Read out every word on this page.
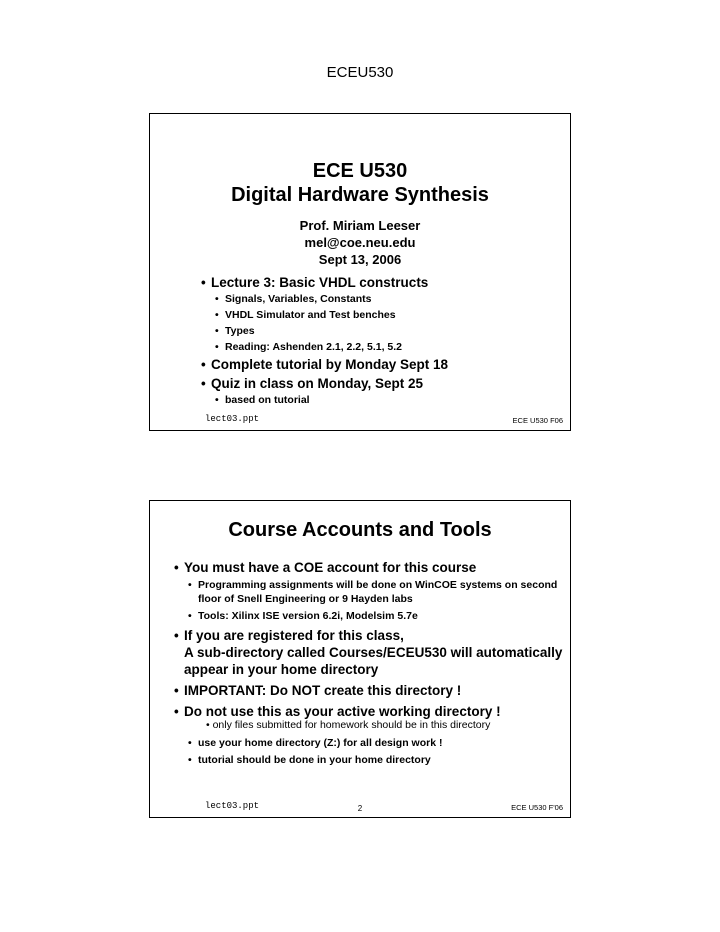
ECEU530
ECE U530
Digital Hardware Synthesis
Prof. Miriam Leeser
mel@coe.neu.edu
Sept 13, 2006
• Lecture 3: Basic VHDL constructs
• Signals, Variables, Constants
• VHDL Simulator and Test benches
• Types
• Reading: Ashenden 2.1, 2.2, 5.1, 5.2
• Complete tutorial by Monday Sept 18
• Quiz in class on Monday, Sept 25
• based on tutorial
lect03.ppt	ECE U530 F06
Course Accounts and Tools
• You must have a COE account for this course
• Programming assignments will be done on WinCOE systems on second floor of Snell Engineering or 9 Hayden labs
• Tools: Xilinx ISE version 6.2i, Modelsim 5.7e
• If you are registered for this class,
A sub-directory called Courses/ECEU530 will automatically appear in your home directory
• IMPORTANT: Do NOT create this directory !
• Do not use this as your active working directory !
• only files submitted for homework should be in this directory
• use your home directory (Z:) for all design work !
• tutorial should be done in your home directory
lect03.ppt	2	ECE U530 F'06
